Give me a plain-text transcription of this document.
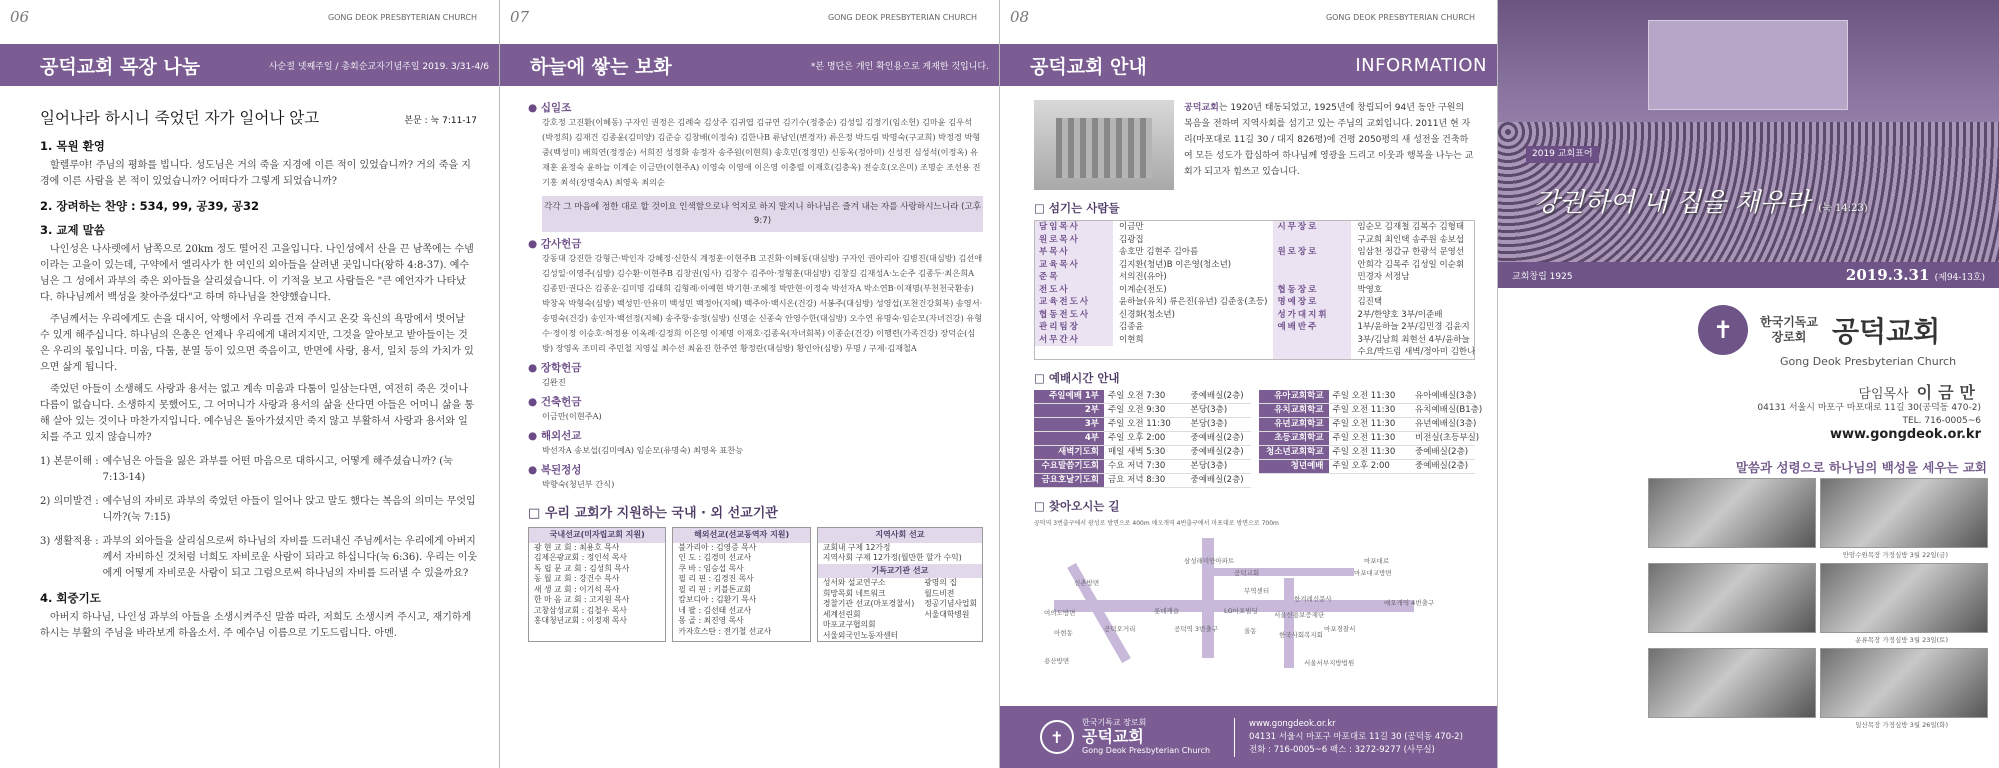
06	GONG DEOK PRESBYTERIAN CHURCH
공덕교회 목장 나눔	사순절 넷째주일 / 총회순교자기념주일 2019. 3/31-4/6
일어나라 하시니 죽었던 자가 일어나 앉고	본문 : 눅 7:11-17
1. 목원 환영
할렐루야! 주님의 평화를 빕니다. 성도님은 거의 죽을 지경에 이른 적이 있었습니까? 거의 죽을 지경에 이른 사람을 본 적이 있었습니까? 어떠다가 그렇게 되었습니까?
2. 장려하는 찬양 : 534, 99, 공39, 공32
3. 교제 말씀
나인성은 나사렛에서 남쪽으로 20km 정도 떨어진 고을입니다. 나인성에서 산을 끈 남쪽에는 수넴이라는 고을이 있는데, 구약에서 엘리사가 한 여인의 외아들을 살려낸 곳입니다(왕하 4:8-37). 예수님은 그 성에서 과부의 죽은 외아들을 살리셨습니다. 이 기적을 보고 사람들은 "큰 예언자가 나타났다. 하나님께서 백성을 찾아주셨다"고 하며 하나님을 찬양했습니다.
주님께서는 우리에게도 손을 대시어, 악행에서 우리를 건져 주시고 온갖 육신의 욕망에서 벗어날 수 있게 해주십니다. 하나님의 은총은 언제나 우리에게 내려지지만, 그것을 알아보고 받아들이는 것은 우리의 몫입니다. 미움, 다툼, 분열 등이 있으면 죽음이고, 반면에 사랑, 용서, 일치 등의 가치가 있으면 삶게 됩니다.
죽었던 아들이 소생해도 사랑과 용서는 없고 계속 미움과 다툼이 일삼는다면, 여전히 죽은 것이나 다름이 없습니다. 소생하지 못했어도, 그 어머니가 사랑과 용서의 삶을 산다면 아들은 어머니 삶을 통해 살아 있는 것이나 마찬가지입니다. 예수님은 돌아가셨지만 죽지 않고 부활하셔 사랑과 용서와 일치를 주고 있지 않습니까?
1) 본문이해 : 예수님은 아들을 잃은 과부를 어떤 마음으로 대하시고, 어떻게 해주셨습니까? (눅 7:13-14)
2) 의미발견 : 예수님의 자비로 과부의 죽었던 아들이 일어나 앉고 말도 했다는 복음의 의미는 무엇입니까?(눅 7:15)
3) 생활적용 : 과부의 외아들을 살리심으로써 하나님의 자비를 드러내신 주님께서는 우리에게 아버지께서 자비하신 것처럼 너희도 자비로운 사람이 되라고 하십니다(눅 6:36). 우리는 이웃에게 어떻게 자비로운 사람이 되고 그럼으로써 하나님의 자비를 드러낼 수 있을까요?
4. 회중기도
아버지 하나님, 나인성 과부의 아들을 소생시켜주신 말씀 따라, 저희도 소생시켜 주시고, 재기하게 하시는 부활의 주님을 바라보게 하옵소서. 주 예수님 이름으로 기도드립니다. 아멘.
07	GONG DEOK PRESBYTERIAN CHURCH
하늘에 쌓는 보화	*본 명단은 개인 확인용으로 게재한 것입니다.
● 십일조
강호정 고진환(이혜동) 구자인 권정은 김례숙 김상주 김귀엽 김규연 김기수(정충순) 김성일 김정기(임소헌) 김마윤 김우석(박정희) 김재건 김종윤(김미양) 김준승 김창배(이정숙) 김한나B 류남인(변경자) 류은정 박드림 박명숙(구교희) 박정경 박형중(백성미) 배희연(정정순) 서희진 성정화 송정자 송주원(이현희) 송호민(정정민) 신동옥(정아미) 신성진 심성석(이정옥) 유재훈 윤정숙 윤하늘 이계순 이금만(이현주A) 이영숙 이영애 이은영 이충렬 이재호(김충옥) 전승호(오은미) 조명순 조선용 진기홍 최석(장명숙A) 최영옥 최의순
각각 그 마음에 정한 대로 할 것이요 인색함으로나 억지로 하지 말지니 하나님은 즐겨 내는 자를 사랑하시느니라 (고후 9:7)
● 감사헌금
강동대 강진한 강형근·박인자 강혜정·신한식 계정훈·이현주B 고진화·이혜동(대심방) 구자인 권아리아 김병진(대심방) 김선애 김성일·이영주(심방) 김수환·이현주B 김창권(임사) 김창수 김주아·정형훈(대심방) 김창길 김재성A·노순주 김종두·최은희A 김종민·권다은 김종운·김미명 김태희 김형례·이예현 박기현·조혜정 박만현·이정숙 박선자A 박소연B·이재명(부천천국환송) 박창욱 박형숙(심방) 백성민·안유미 백성민 백정아(지혜) 백주아·백시온(건강) 서봉주(대심방) 성영섭(포천건강회복) 송영서·송명숙(건강) 송인자·백선정(지혜) 송주항·송정(심방) 신명순 신종숙 안영수한(대심방) 오수연 유명숙·임순모(자녀건강) 유형수·정이정 이승호·허정용 이옥례·김정희 이은영 이제명 이재호·김종옥(자녀회복) 이종순(건강) 이행련(가족건강) 장덕순(심방) 장영옥 조미리 주민철 지영실 최수선 최윤진 한주연 황정란(대심방) 황인아(심방) 무명 / 구제·김재철A
● 장학헌금
김완진
● 건축헌금
이금만(이현주A)
● 해외선교
박선자A 송보섭(김미예A) 임순모(유명숙) 최영옥 표찬능
● 복된정성
박향숙(청년부 간식)
□ 우리 교회가 지원하는 국내 · 외 선교기관
국내선교(미자립교회 지원)
광 현 교 회 : 최용호 목사
김제은광교회 : 정인석 목사
독 립 문 교 회 : 김성희 목사
동 월 교 회 : 강건수 목사
새 생 교 회 : 이기석 목사
한 마 음 교 회 : 고지원 목사
고창삼성교회 : 김철우 목사
홍대청년교회 : 이정재 목사
해외선교(선교동역자 지원)
불가리아 : 김영증 목사
인 도 : 김경미 선교사
쿠 바 : 임승섭 목사
필 리 핀 : 김경진 목사
필 리 핀 : 키블톤교회
캄보디아 : 김환기 목사
네 팔 : 김선태 선교사
몽 골 : 최진영 목사
카자흐스탄 : 전기철 선교사
지역사회 선교
교회내 구제 12가정
지역사회 구제 12가정(월만한 할가 수익)
기독교기관 선교
성서와 설교연구소
희망목회 네트워크
경찰기관 선교(마포경찰서)
세계선린회
마포교구협의회
서울외국인노동자센터
광명의 집
월드비전
정공기념사업회
서울대학병원
08	GONG DEOK PRESBYTERIAN CHURCH
공덕교회 안내	INFORMATION
공덕교회는 1920년 태동되었고, 1925년에 창립되어 94년 동안 구원의 복음을 전하며 지역사회를 섬기고 있는 주님의 교회입니다. 2011년 현 자리(마포대로 11길 30 / 대지 826평)에 건평 2050평의 새 성전을 건축하여 모든 성도가 합심하여 하나님께 영광을 드리고 이웃과 행복을 나누는 교회가 되고자 힘쓰고 있습니다.
□ 섬기는 사람들
담임목사	이금만
원로목사	김광집
부목사	송호만 김현주 김아름
교육목사	김지환(청년)B 이은영(청소년)
준목	서의진(유아)
전도사	이계순(전도)
교육전도사	윤하늘(유치) 류은진(유년) 김준웅(초등)
협동전도사	신경화(청소년)
관리팀장	김종윤
서무간사	이현희
시무장로	임순모 김재철 김복수 김형태
구교희 최인택 송주원 송보섭
원로장로	임삼천 정갑규 한광석 문영선
안희각 김목주 김성일 이순휘
민경자 서정남
협동장로	박영호
명예장로	김진택
성가대지휘	2부/한양호 3부/이준배
예배반주	1부/윤하늘 2부/김민경 김윤지
3부/김남희 최현선 4부/윤하늘
수요/박드림 새벽/정아미 김한나
□ 예배시간 안내
주일예배 1부	주일 오전 7:30	중예배실(2층)
2부	주일 오전 9:30	본당(3층)
3부	주일 오전 11:30	본당(3층)
4부	주일 오후 2:00	중예배실(2층)
새벽기도회	매일 새벽 5:30	중예배실(2층)
수요말씀기도회	수요 저녁 7:30	본당(3층)
금요호날기도회	금요 저녁 8:30	중예배실(2층)
유아교회학교	주일 오전 11:30	유아예배실(3층)
유치교회학교	주일 오전 11:30	유치예배실(B1층)
유년교회학교	주일 오전 11:30	유년예배실(3층)
초등교회학교	주일 오전 11:30	비전실(초등부실)
청소년교회학교	주일 오전 11:30	중예배실(2층)
청년예배	주일 오후 2:00	중예배실(2층)
□ 찾아오시는 길
공덕역 3번출구에서 광성로 방면으로 400m 애오개역 4번출구에서 마포대로 방면으로 700m
공덕교회
마포대로
삼성래미안아파트
신촌방면
여의도방면
공덕오거리
롯데캐슬
공덕역 3번출구
LG마포빌딩 서울신용보증재단
한국사회복지회
마포경찰서
애오개역 4번출구
서울서부지방법원
용산방면
무역센터
울동
한겨레신문사
아현동
마포대교방면
✝
한국기독교 장로회
공덕교회
Gong Deok Presbyterian Church
www.gongdeok.or.kr
04131 서울시 마포구 마포대로 11길 30 (공덕동 470-2)
전화 : 716-0005~6 팩스 : 3272-9277 (사무실)
2019 교회표어
강권하여 내 집을 채우라 (눅 14:23)
교회창립 1925	2019.3.31 (제94-13호)
✝	한국기독교 장로회 공덕교회
Gong Deok Presbyterian Church
담임목사 이금만
04131 서울시 마포구 마포대로 11길 30(공덕동 470-2)
TEL. 716-0005~6
www.gongdeok.or.kr
말씀과 성령으로 하나님의 백성을 세우는 교회
안암수원목장 가정심방 3월 22일(금)
운류목장 가정심방 3월 23일(토)
일산목장 가정심방 3월 26일(화)
